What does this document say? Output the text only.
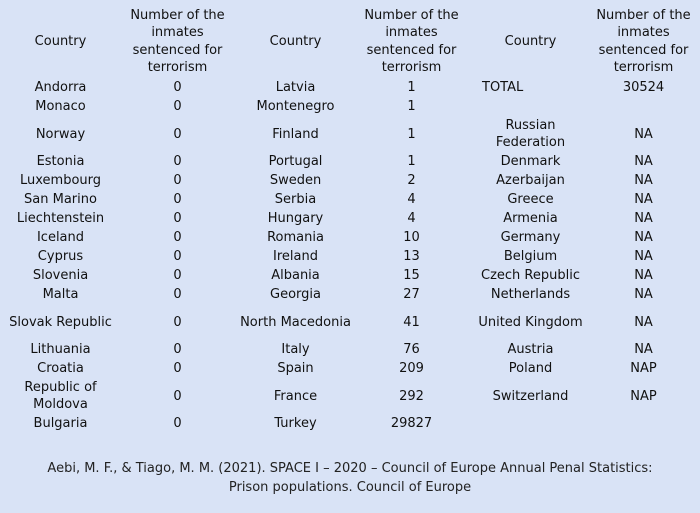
Country	Number of the inmates sentenced for terrorism	Country	Number of the inmates sentenced for terrorism	Country	Number of the inmates sentenced for terrorism
Andorra	0	Latvia	1	TOTAL	30524
Monaco	0	Montenegro	1		
Norway	0	Finland	1	Russian Federation	NA
Estonia	0	Portugal	1	Denmark	NA
Luxembourg	0	Sweden	2	Azerbaijan	NA
San Marino	0	Serbia	4	Greece	NA
Liechtenstein	0	Hungary	4	Armenia	NA
Iceland	0	Romania	10	Germany	NA
Cyprus	0	Ireland	13	Belgium	NA
Slovenia	0	Albania	15	Czech Republic	NA
Malta	0	Georgia	27	Netherlands	NA
Slovak Republic	0	North Macedonia	41	United Kingdom	NA
Lithuania	0	Italy	76	Austria	NA
Croatia	0	Spain	209	Poland	NAP
Republic of Moldova	0	France	292	Switzerland	NAP
Bulgaria	0	Turkey	29827		
Aebi, M. F., & Tiago, M. M. (2021). SPACE I – 2020 – Council of Europe Annual Penal Statistics:
Prison populations. Council of Europe
